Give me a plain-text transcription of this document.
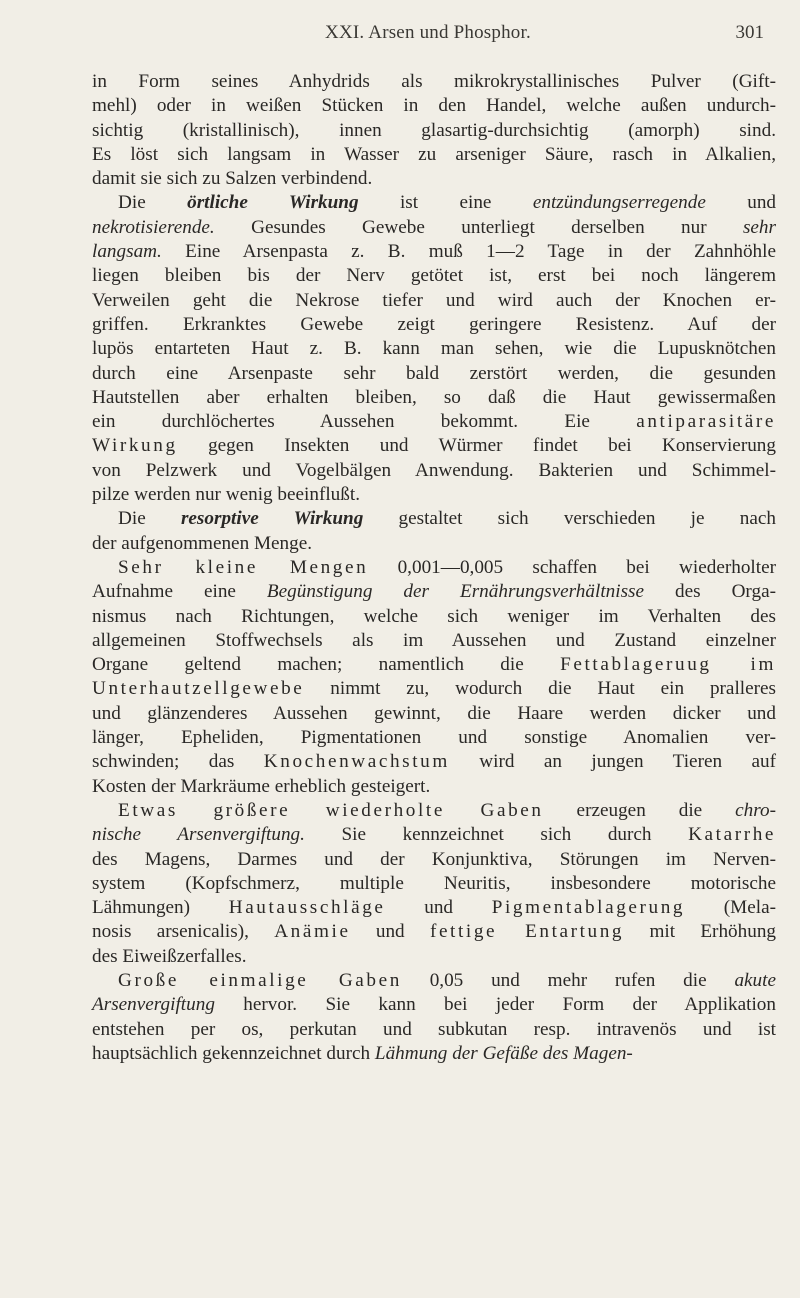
XXI. Arsen und Phosphor.	301

in Form seines Anhydrids als mikrokrystallinisches Pulver (Gift-
mehl) oder in weißen Stücken in den Handel, welche außen undurch-
sichtig (kristallinisch), innen glasartig-durchsichtig (amorph) sind.
Es löst sich langsam in Wasser zu arseniger Säure, rasch in Alkalien,
damit sie sich zu Salzen verbindend.

Die örtliche Wirkung ist eine entzündungserregende und
nekrotisierende. Gesundes Gewebe unterliegt derselben nur sehr
langsam. Eine Arsenpasta z. B. muß 1—2 Tage in der Zahnhöhle
liegen bleiben bis der Nerv getötet ist, erst bei noch längerem
Verweilen geht die Nekrose tiefer und wird auch der Knochen er-
griffen. Erkranktes Gewebe zeigt geringere Resistenz. Auf der
lupös entarteten Haut z. B. kann man sehen, wie die Lupusknötchen
durch eine Arsenpaste sehr bald zerstört werden, die gesunden
Hautstellen aber erhalten bleiben, so daß die Haut gewissermaßen
ein durchlöchertes Aussehen bekommt. Eie antiparasitäre
Wirkung gegen Insekten und Würmer findet bei Konservierung
von Pelzwerk und Vogelbälgen Anwendung. Bakterien und Schimmel-
pilze werden nur wenig beeinflußt.

Die resorptive Wirkung gestaltet sich verschieden je nach
der aufgenommenen Menge.

Sehr kleine Mengen 0,001—0,005 schaffen bei wiederholter
Aufnahme eine Begünstigung der Ernährungsverhältnisse des Orga-
nismus nach Richtungen, welche sich weniger im Verhalten des
allgemeinen Stoffwechsels als im Aussehen und Zustand einzelner
Organe geltend machen; namentlich die Fettablageruug im
Unterhautzellgewebe nimmt zu, wodurch die Haut ein pralleres
und glänzenderes Aussehen gewinnt, die Haare werden dicker und
länger, Epheliden, Pigmentationen und sonstige Anomalien ver-
schwinden; das Knochenwachstum wird an jungen Tieren auf
Kosten der Markräume erheblich gesteigert.

Etwas größere wiederholte Gaben erzeugen die chro-
nische Arsenvergiftung. Sie kennzeichnet sich durch Katarrhe
des Magens, Darmes und der Konjunktiva, Störungen im Nerven-
system (Kopfschmerz, multiple Neuritis, insbesondere motorische
Lähmungen) Hautausschläge und Pigmentablagerung (Mela-
nosis arsenicalis), Anämie und fettige Entartung mit Erhöhung
des Eiweißzerfalles.

Große einmalige Gaben 0,05 und mehr rufen die akute
Arsenvergiftung hervor. Sie kann bei jeder Form der Applikation
entstehen per os, perkutan und subkutan resp. intravenös und ist
hauptsächlich gekennzeichnet durch Lähmung der Gefäße des Magen-
